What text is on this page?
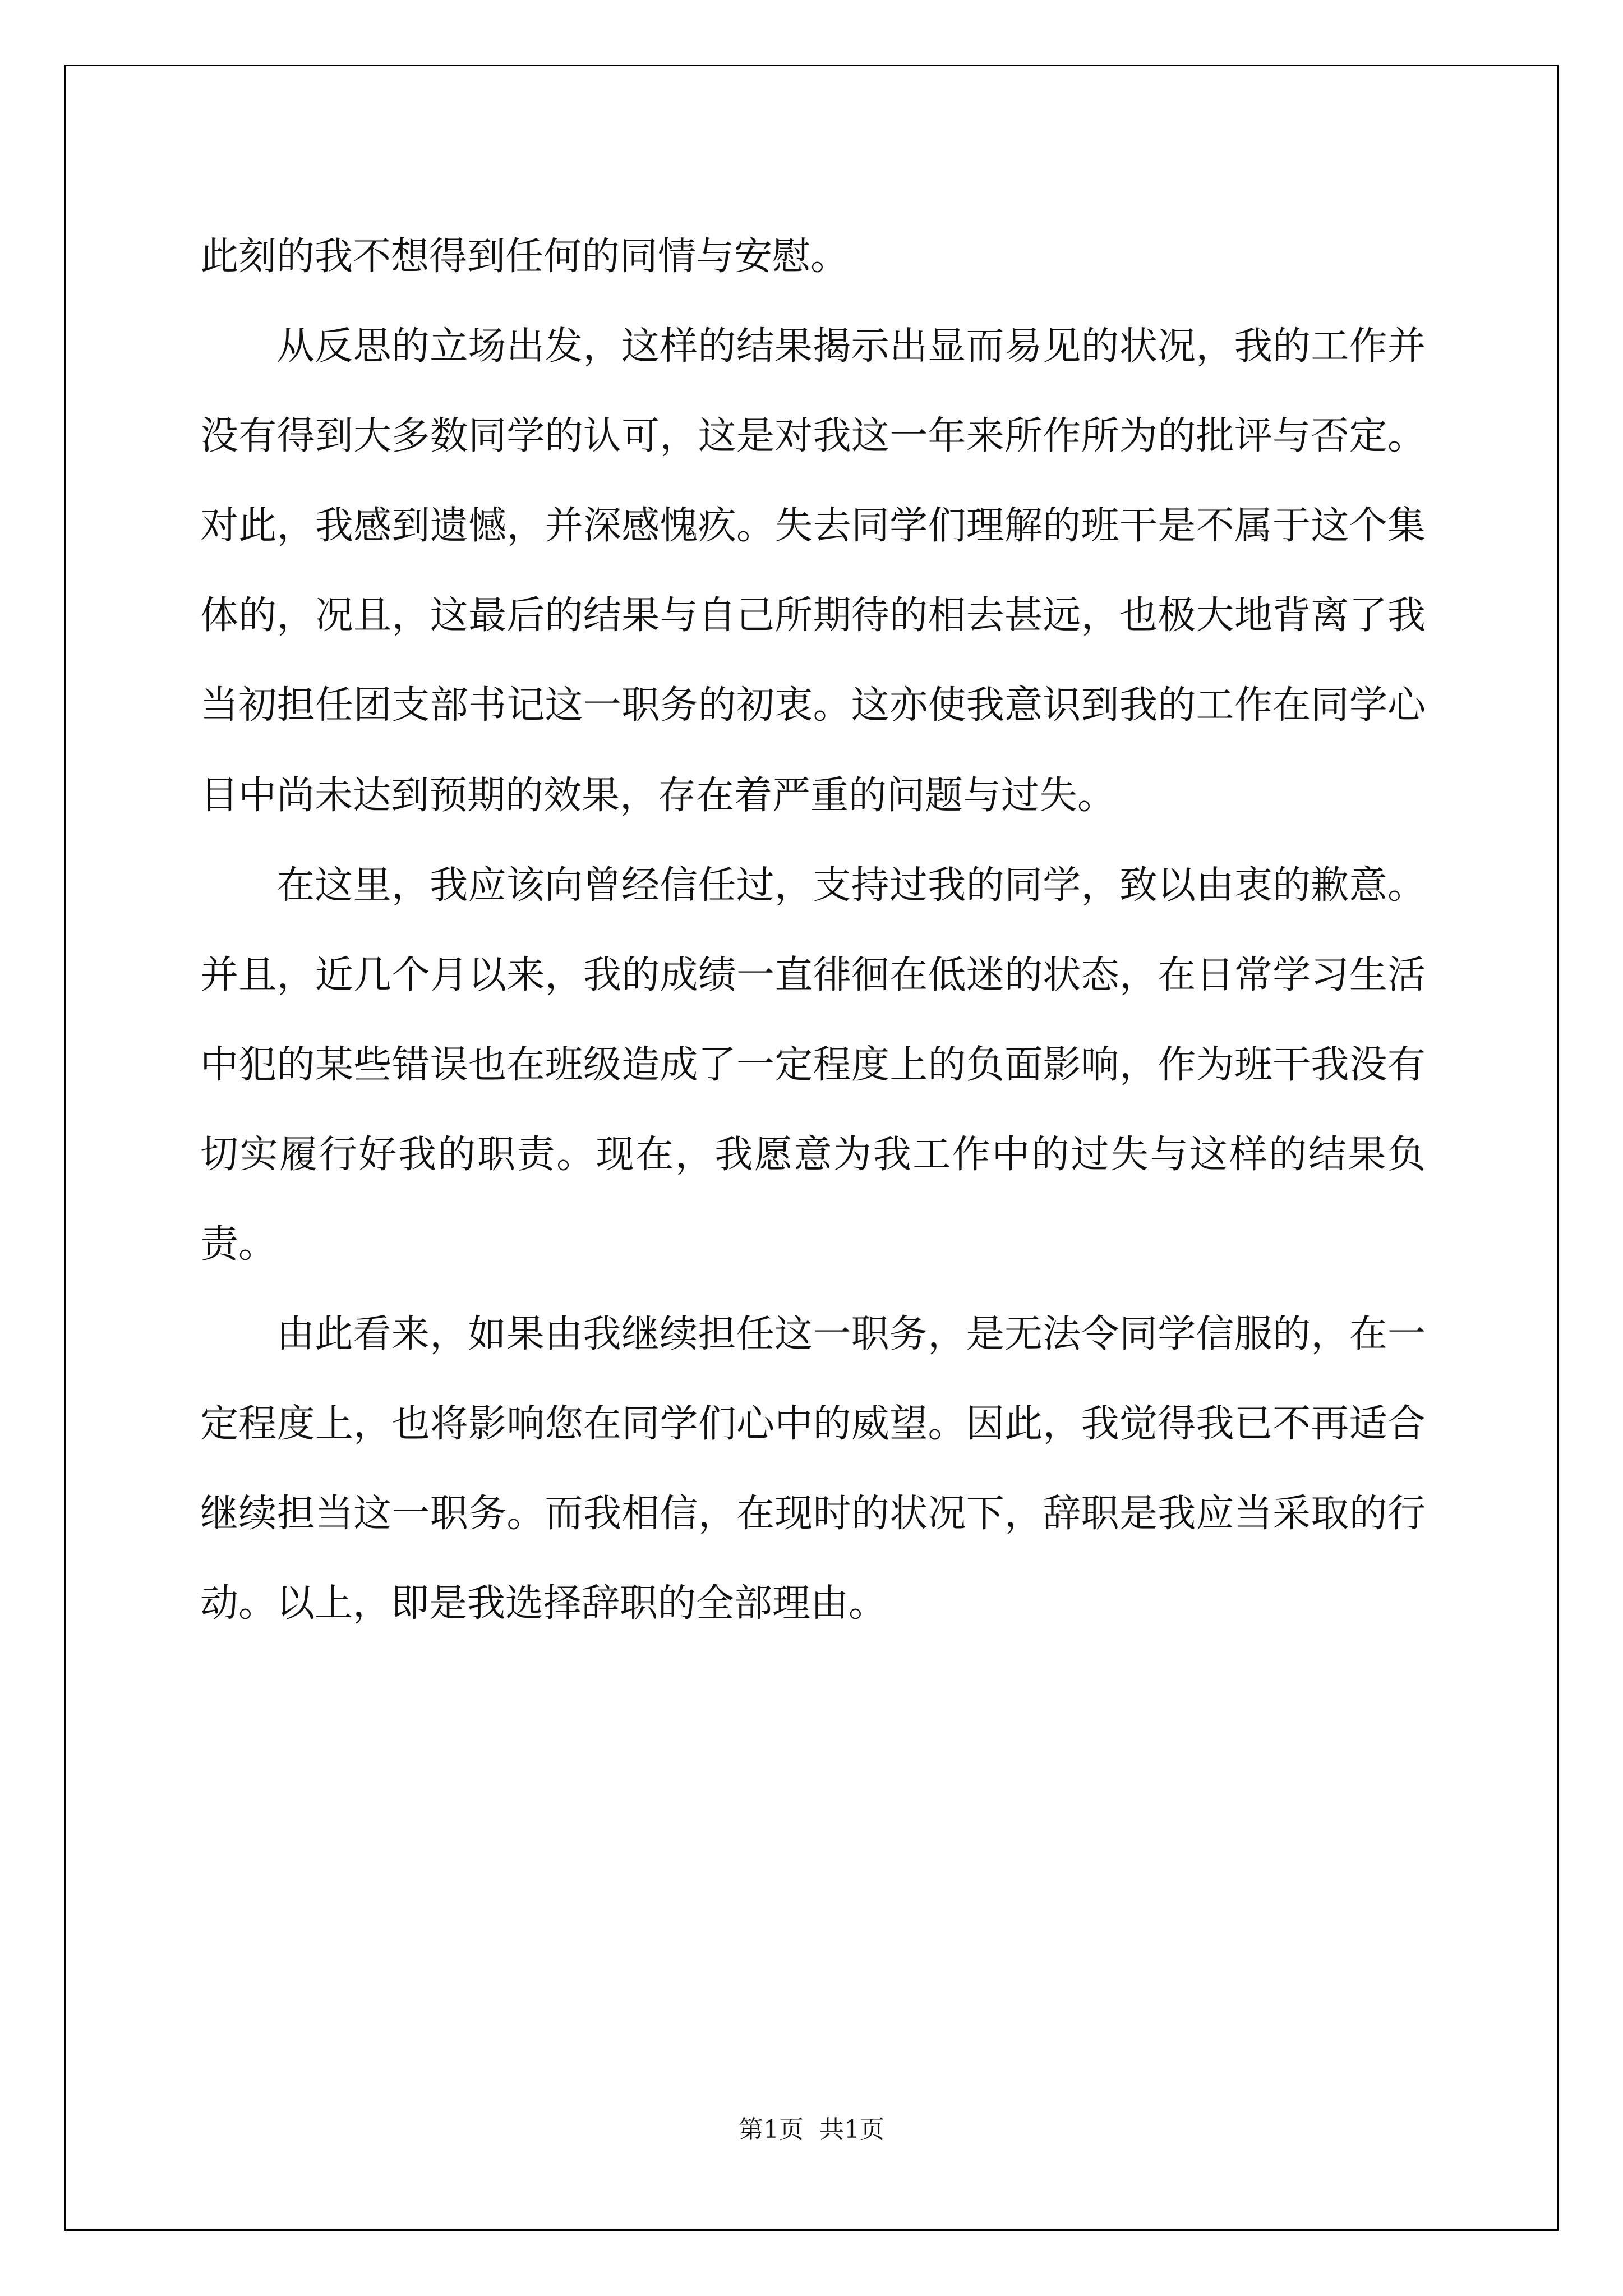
此刻的我不想得到任何的同情与安慰。

从反思的立场出发，这样的结果揭示出显而易见的状况，我的工作并没有得到大多数同学的认可，这是对我这一年来所作所为的批评与否定。对此，我感到遗憾，并深感愧疚。失去同学们理解的班干是不属于这个集体的，况且，这最后的结果与自己所期待的相去甚远，也极大地背离了我当初担任团支部书记这一职务的初衷。这亦使我意识到我的工作在同学心目中尚未达到预期的效果，存在着严重的问题与过失。

在这里，我应该向曾经信任过，支持过我的同学，致以由衷的歉意。并且，近几个月以来，我的成绩一直徘徊在低迷的状态，在日常学习生活中犯的某些错误也在班级造成了一定程度上的负面影响，作为班干我没有切实履行好我的职责。现在，我愿意为我工作中的过失与这样的结果负责。

由此看来，如果由我继续担任这一职务，是无法令同学信服的，在一定程度上，也将影响您在同学们心中的威望。因此，我觉得我已不再适合继续担当这一职务。而我相信，在现时的状况下，辞职是我应当采取的行动。以上，即是我选择辞职的全部理由。

第1页  共1页
